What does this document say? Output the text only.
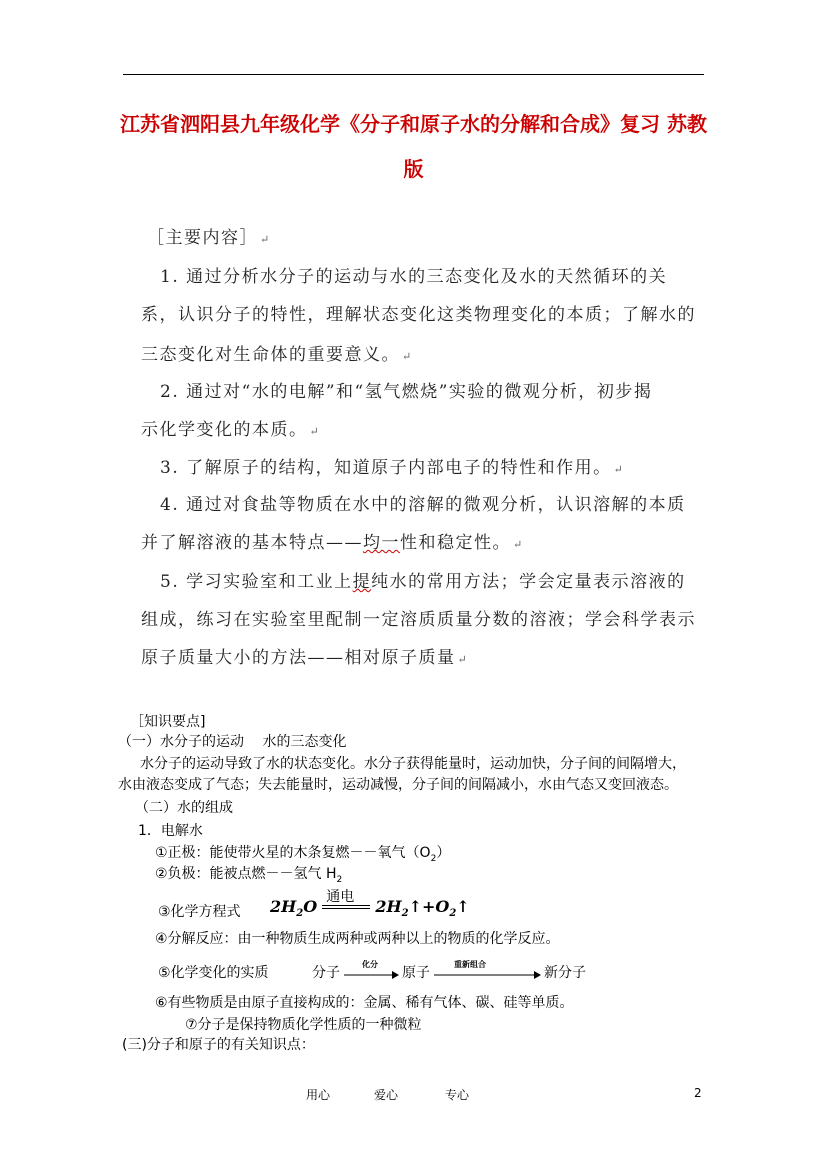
江苏省泗阳县九年级化学《分子和原子水的分解和合成》复习 苏教
版
［主要内容］ ↵
1. 通过分析水分子的运动与水的三态变化及水的天然循环的关
系，认识分子的特性，理解状态变化这类物理变化的本质；了解水的
三态变化对生命体的重要意义。 ↵
2. 通过对“水的电解”和“氢气燃烧”实验的微观分析，初步揭
示化学变化的本质。 ↵
3. 了解原子的结构，知道原子内部电子的特性和作用。 ↵
4. 通过对食盐等物质在水中的溶解的微观分析，认识溶解的本质
并了解溶液的基本特点——均一性和稳定性。 ↵
5. 学习实验室和工业上提纯水的常用方法；学会定量表示溶液的
组成，练习在实验室里配制一定溶质质量分数的溶液；学会科学表示
原子质量大小的方法——相对原子质量 ↵
［知识要点]
（一）水分子的运动　 水的三态变化
水分子的运动导致了水的状态变化。水分子获得能量时，运动加快，分子间的间隔增大，
水由液态变成了气态；失去能量时，运动减慢，分子间的间隔减小，水由气态又变回液态。
（二）水的组成
1．电解水
①正极：能使带火星的木条复燃－－氧气$(O_2)$
②负极：能被点燃－－氢气 $H_2$
③化学方程式 $2H_2O$
通电
$2H_2↑+O_2↑$
④分解反应：由一种物质生成两种或两种以上的物质的化学反应。
⑤化学变化的实质	分子	原子	新分子
化分	重新组合
⑥有些物质是由原子直接构成的：金属、稀有气体、碳、硅等单质。
⑦分子是保持物质化学性质的一种微粒
(三)分子和原子的有关知识点：
用心	爱心	专心	2
